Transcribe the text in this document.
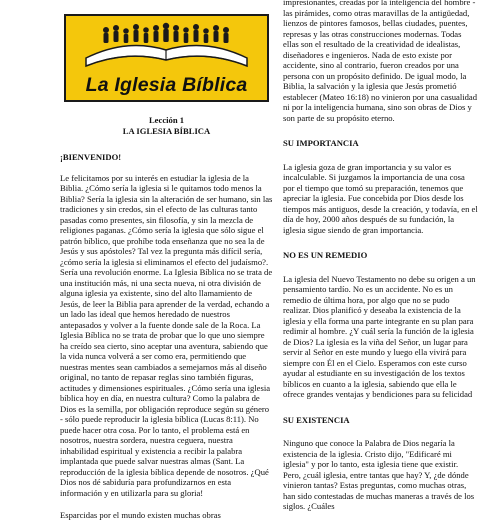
La Iglesia Bíblica
Lección 1
LA IGLESIA BÍBLICA
¡BIENVENIDO!
Le felicitamos por su interés en estudiar la iglesia de la Biblia. ¿Cómo sería la iglesia si le quitamos todo menos la Biblia? Sería la iglesia sin la alteración de ser humano, sin las tradiciones y sin credos, sin el efecto de las culturas tanto pasadas como presentes, sin filosofía, y sin la mezcla de religiones paganas. ¿Cómo sería la iglesia que sólo sigue el patrón bíblico, que prohíbe toda enseñanza que no sea la de Jesús y sus apóstoles? Tal vez la pregunta más difícil sería, ¿cómo sería la iglesia si eliminamos el efecto del judaísmo?. Sería una revolución enorme. La Iglesia Bíblica no se trata de una institución más, ni una secta nueva, ni otra división de alguna iglesia ya existente, sino del alto llamamiento de Jesús, de leer la Biblia para aprender de la verdad, echando a un lado las ideal que hemos heredado de nuestros antepasados y volver a la fuente donde sale de la Roca. La Iglesia Bíblica no se trata de probar que lo que uno siempre ha creído sea cierto, sino aceptar una aventura, sabiendo que la vida nunca volverá a ser como era, permitiendo que nuestras mentes sean cambiados a semejarnos más al diseño original, no tanto de repasar reglas sino también figuras, actitudes y dimensiones espirituales. ¿Cómo sería una iglesia bíblica hoy en día, en nuestra cultura? Como la palabra de Dios es la semilla, por obligación reproduce según su género - sólo puede reproducir la iglesia bíblica (Lucas 8:11). No puede hacer otra cosa. Por lo tanto, el problema está en nosotros, nuestra sordera, nuestra ceguera, nuestra inhabilidad espiritual y existencia a recibir la palabra implantada que puede salvar nuestras almas (Sant. La reproducción de la iglesia bíblica depende de nosotros. ¿Qué Dios nos dé sabiduría para profundizarnos en esta información y en utilizarla para su gloria!
Esparcidas por el mundo existen muchas obras
impresionantes, creadas por la inteligencia del hombre - las pirámides, como otras maravillas de la antigüedad, lienzos de pintores famosos, bellas ciudades, puentes, represas y las otras construcciones modernas. Todas ellas son el resultado de la creatividad de idealistas, diseñadores e ingenieros. Nada de esto existe por accidente, sino al contrario, fueron creados por una persona con un propósito definido. De igual modo, la Biblia, la salvación y la iglesia que Jesús prometió establecer (Mateo 16:18) no vinieron por una casualidad ni por la inteligencia humana, sino son obras de Dios y son parte de su propósito eterno.
SU IMPORTANCIA
La iglesia goza de gran importancia y su valor es incalculable. Si juzgamos la importancia de una cosa por el tiempo que tomó su preparación, tenemos que apreciar la iglesia. Fue concebida por Dios desde los tiempos más antiguos, desde la creación, y todavía, en el día de hoy, 2000 años después de su fundación, la iglesia sigue siendo de gran importancia.
NO ES UN REMEDIO
La iglesia del Nuevo Testamento no debe su origen a un pensamiento tardío. No es un accidente. No es un remedio de última hora, por algo que no se pudo realizar. Dios planificó y deseaba la existencia de la iglesia y ella forma una parte integrante en su plan para redimir al hombre. ¿Y cuál sería la función de la iglesia de Dios? La iglesia es la viña del Señor, un lugar para servir al Señor en este mundo y luego ella vivirá para siempre con Él en el Cielo. Esperamos con este curso ayudar al estudiante en su investigación de los textos bíblicos en cuanto a la iglesia, sabiendo que ella le ofrece grandes ventajas y bendiciones para su felicidad
SU EXISTENCIA
Ninguno que conoce la Palabra de Dios negaría la existencia de la iglesia. Cristo dijo, "Edificaré mi iglesia" y por lo tanto, esta iglesia tiene que existir. Pero, ¿cuál iglesia, entre tantas que hay? Y, ¿de dónde vinieron tantas? Estas preguntas, como muchas otras, han sido contestadas de muchas maneras a través de los siglos. ¿Cuáles
